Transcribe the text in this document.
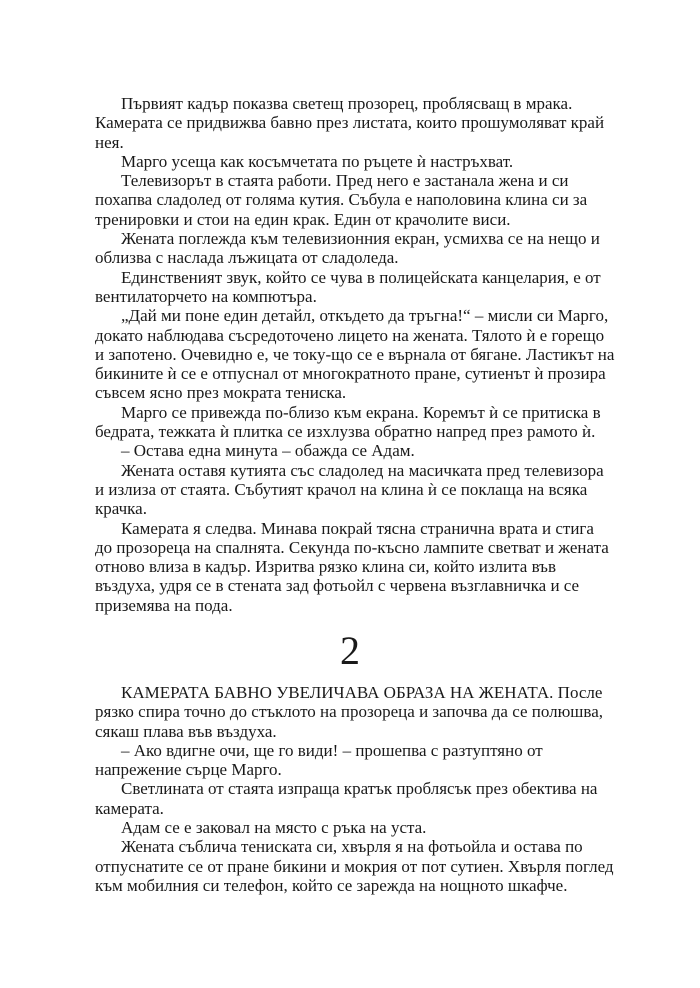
Първият кадър показва светещ прозорец, проблясващ в мрака. Камерата се придвижва бавно през листата, които прошумоляват край нея.

Марго усеща как косъмчетата по ръцете ѝ настръхват.

Телевизорът в стаята работи. Пред него е застанала жена и си похапва сладолед от голяма кутия. Събула е наполовина клина си за тренировки и стои на един крак. Един от крачолите виси.

Жената поглежда към телевизионния екран, усмихва се на нещо и облизва с наслада лъжицата от сладоледа.

Единственият звук, който се чува в полицейската канцелария, е от вентилаторчето на компютъра.

„Дай ми поне един детайл, откъдето да тръгна!“ – мисли си Марго, докато наблюдава съсредоточено лицето на жената. Тялото ѝ е горещо и запотено. Очевидно е, че току-що се е върнала от бягане. Ластикът на бикините ѝ се е отпуснал от многократното пране, сутиенът ѝ прозира съвсем ясно през мократа тениска.

Марго се привежда по-близо към екрана. Коремът ѝ се притиска в бедрата, тежката ѝ плитка се изхлузва обратно напред през рамото ѝ.

– Остава една минута – обажда се Адам.

Жената оставя кутията със сладолед на масичката пред телевизора и излиза от стаята. Събутият крачол на клина ѝ се поклаща на всяка крачка.

Камерата я следва. Минава покрай тясна странична врата и стига до прозореца на спалнята. Секунда по-късно лампите светват и жената отново влиза в кадър. Изритва рязко клина си, който излита във въздуха, удря се в стената зад фотьойл с червена възглавничка и се приземява на пода.

2

КАМЕРАТА БАВНО УВЕЛИЧАВА ОБРАЗА НА ЖЕНАТА. После рязко спира точно до стъклото на прозореца и започва да се полюшва, сякаш плава във въздуха.

– Ако вдигне очи, ще го види! – прошепва с разтуптяно от напрежение сърце Марго.

Светлината от стаята изпраща кратък проблясък през обектива на камерата.

Адам се е заковал на място с ръка на уста.

Жената съблича тениската си, хвърля я на фотьойла и остава по отпуснатите се от пране бикини и мокрия от пот сутиен. Хвърля поглед към мобилния си телефон, който се зарежда на нощното шкафче.
